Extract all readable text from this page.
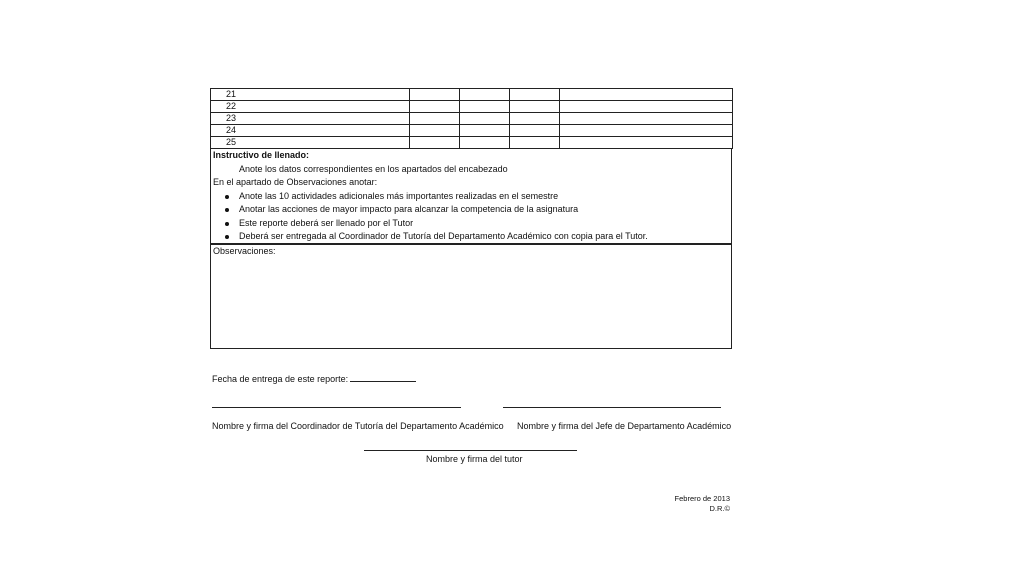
21				
22				
23				
24				
25				
Instructivo de llenado:
Anote los datos correspondientes en los apartados del encabezado
En el apartado de Observaciones anotar:
Anote las 10 actividades adicionales más importantes realizadas en el semestre
Anotar las acciones de mayor impacto para alcanzar la competencia de la asignatura
Este reporte deberá ser llenado por el Tutor
Deberá ser entregada al Coordinador de Tutoría del Departamento Académico con copia para el Tutor.
Observaciones:
Fecha de entrega de este reporte:
Nombre y firma del Coordinador de Tutoría del Departamento Académico Nombre y firma del Jefe de Departamento Académico
Nombre y firma del tutor
Febrero de 2013
D.R.©
